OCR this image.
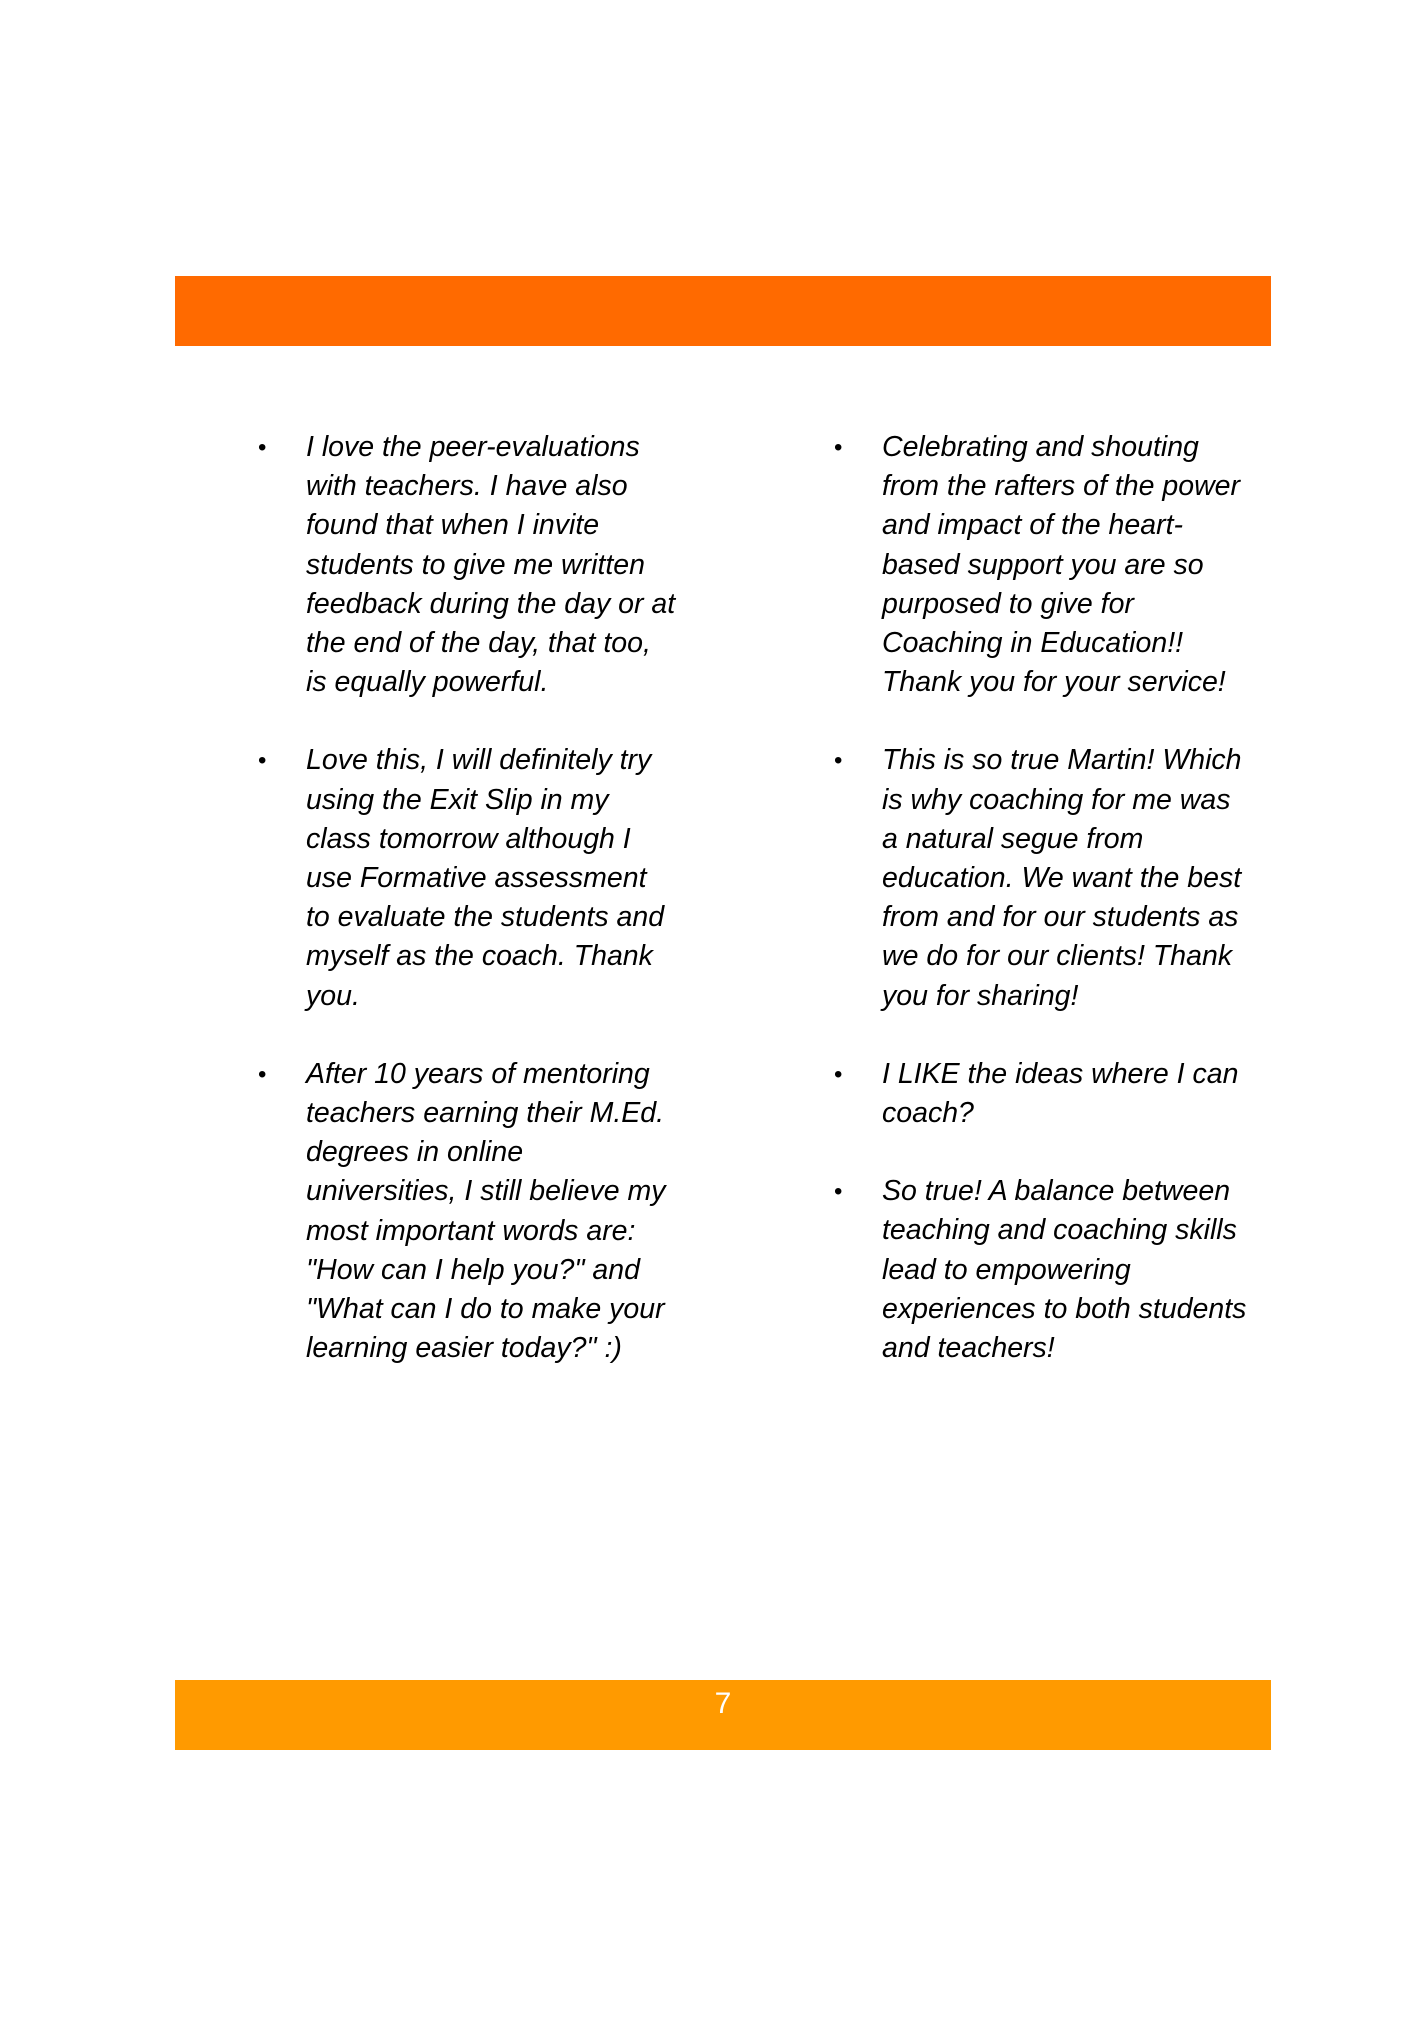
• I love the peer-evaluations with teachers. I have also found that when I invite students to give me written feedback during the day or at the end of the day, that too, is equally powerful.
• Love this, I will definitely try using the Exit Slip in my class tomorrow although I use Formative assessment to evaluate the students and myself as the coach. Thank you.
• After 10 years of mentoring teachers earning their M.Ed. degrees in online universities, I still believe my most important words are: "How can I help you?" and "What can I do to make your learning easier today?" :)
• Celebrating and shouting from the rafters of the power and impact of the heart-based support you are so purposed to give for Coaching in Education!! Thank you for your service!
• This is so true Martin! Which is why coaching for me was a natural segue from education. We want the best from and for our students as we do for our clients! Thank you for sharing!
• I LIKE the ideas where I can coach?
• So true! A balance between teaching and coaching skills lead to empowering experiences to both students and teachers!
7
